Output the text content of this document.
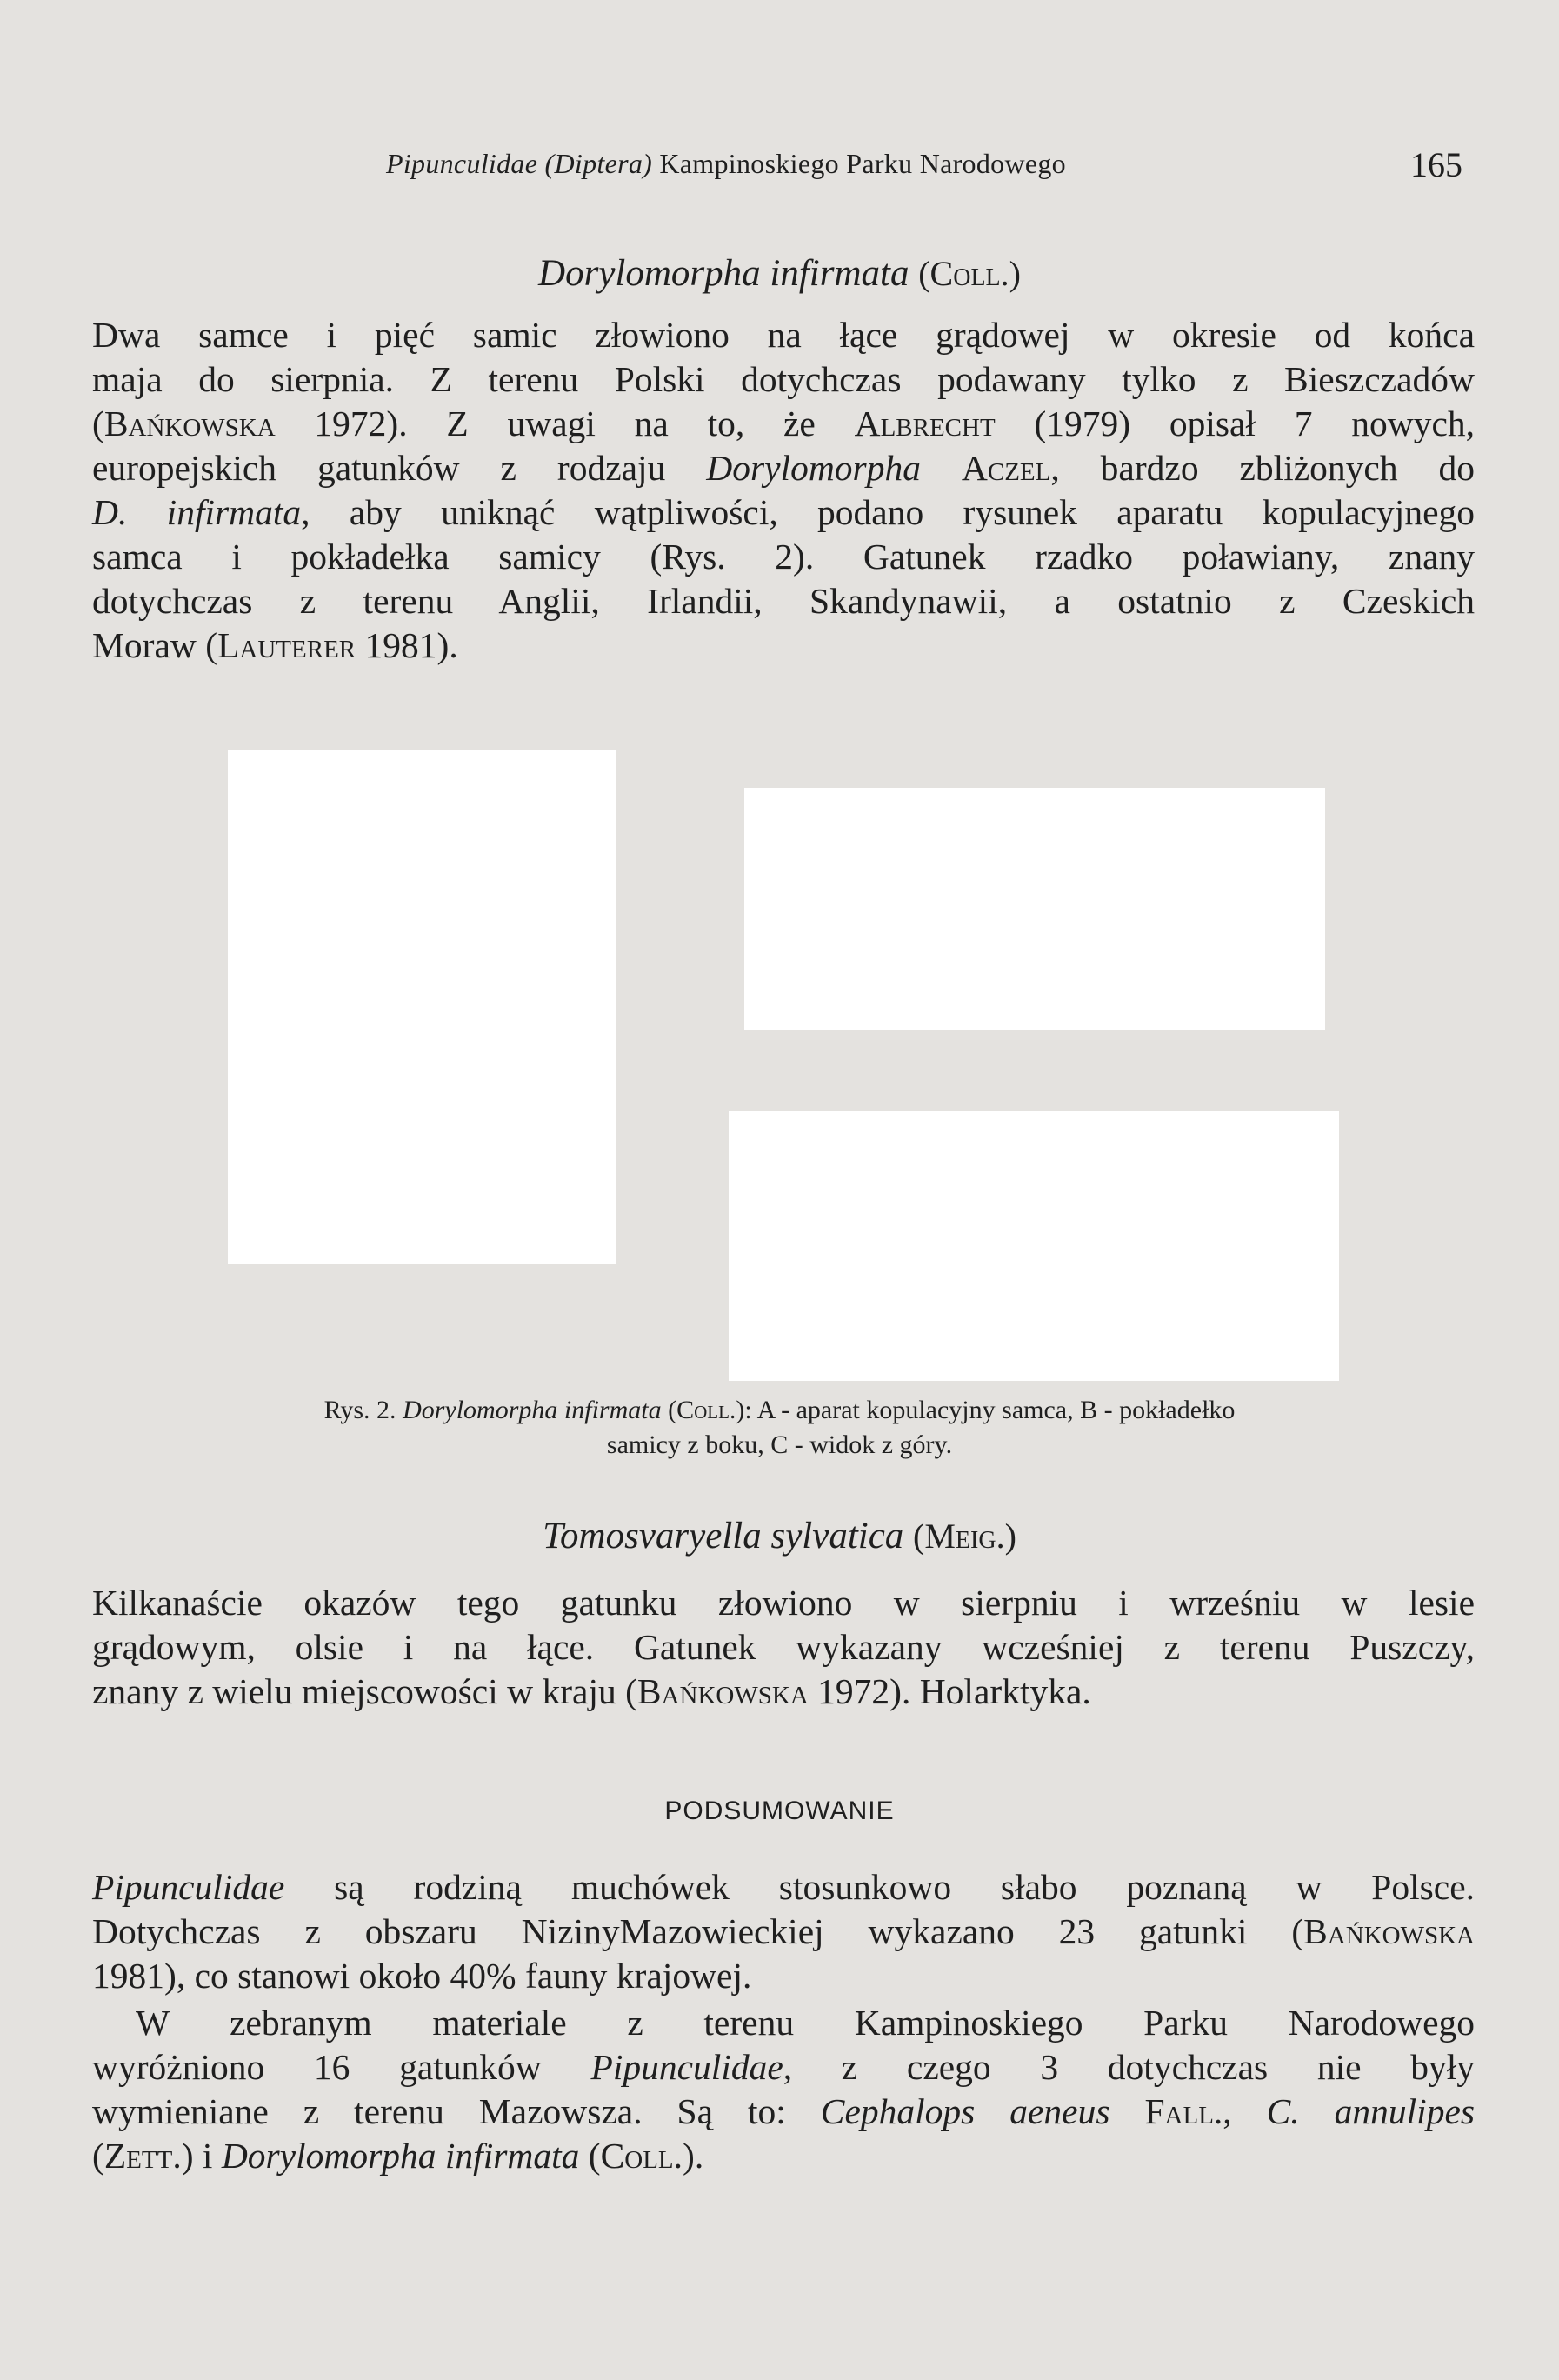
Pipunculidae (Diptera) Kampinoskiego Parku Narodowego	165
Dorylomorpha infirmata (Coll.)
Dwa samce i pięć samic złowiono na łące grądowej w okresie od końca
maja do sierpnia. Z terenu Polski dotychczas podawany tylko z Bieszczadów
(Bańkowska 1972). Z uwagi na to, że Albrecht (1979) opisał 7 nowych,
europejskich gatunków z rodzaju Dorylomorpha Aczel, bardzo zbliżonych do
D. infirmata, aby uniknąć wątpliwości, podano rysunek aparatu kopulacyjnego
samca i pokładełka samicy (Rys. 2). Gatunek rzadko poławiany, znany
dotychczas z terenu Anglii, Irlandii, Skandynawii, a ostatnio z Czeskich
Moraw (Lauterer 1981).
Rys. 2. Dorylomorpha infirmata (Coll.): A - aparat kopulacyjny samca, B - pokładełko
samicy z boku, C - widok z góry.
Tomosvaryella sylvatica (Meig.)
Kilkanaście okazów tego gatunku złowiono w sierpniu i wrześniu w lesie
grądowym, olsie i na łące. Gatunek wykazany wcześniej z terenu Puszczy,
znany z wielu miejscowości w kraju (Bańkowska 1972). Holarktyka.
PODSUMOWANIE
Pipunculidae są rodziną muchówek stosunkowo słabo poznaną w Polsce.
Dotychczas z obszaru NizinyMazowieckiej wykazano 23 gatunki (Bańkowska
1981), co stanowi około 40% fauny krajowej.
W zebranym materiale z terenu Kampinoskiego Parku Narodowego
wyróżniono 16 gatunków Pipunculidae, z czego 3 dotychczas nie były
wymieniane z terenu Mazowsza. Są to: Cephalops aeneus Fall., C. annulipes
(Zett.) i Dorylomorpha infirmata (Coll.).
